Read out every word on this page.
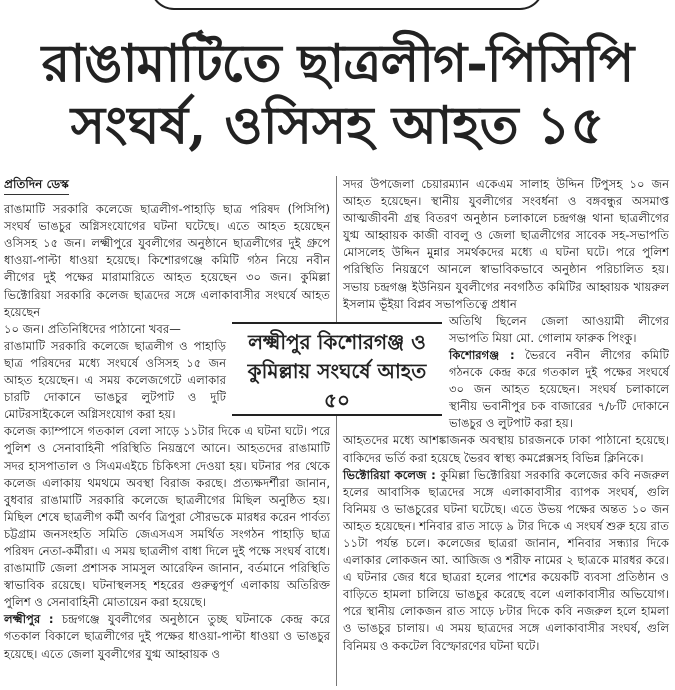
রাঙামাটিতে ছাত্রলীগ-পিসিপি
সংঘর্ষ, ওসিসহ আহত ১৫
প্রতিদিন ডেস্ক

রাঙামাটি সরকারি কলেজে ছাত্রলীগ-পাহাড়ি ছাত্র পরিষদ (পিসিপি) সংঘর্ষ ভাঙচুর অগ্নিসংযোগের ঘটনা ঘটেছে। এতে আহত হয়েছেন ওসিসহ ১৫ জন। লক্ষ্মীপুরে যুবলীগের অনুষ্ঠানে ছাত্রলীগের দুই গ্রুপে ধাওয়া-পাল্টা ধাওয়া হয়েছে। কিশোরগঞ্জে কমিটি গঠন নিয়ে নবীন লীগের দুই পক্ষের মারামারিতে আহত হয়েছেন ৩০ জন। কুমিল্লা ভিক্টোরিয়া সরকারি কলেজ ছাত্রদের সঙ্গে এলাকাবাসীর সংঘর্ষে আহত হয়েছেন

১০ জন। প্রতিনিধিদের পাঠানো খবর—

রাঙামাটি সরকারি কলেজে ছাত্রলীগ ও পাহাড়ি ছাত্র পরিষদের মধ্যে সংঘর্ষে ওসিসহ ১৫ জন আহত হয়েছেন। এ সময় কলেজগেটে এলাকার চারটি দোকানে ভাঙচুর লুটপাট ও দুটি মোটরসাইকেলে অগ্নিসংযোগ করা হয়।

কলেজ ক্যাম্পাসে গতকাল বেলা সাড়ে ১১টার দিকে এ ঘটনা ঘটে। পরে পুলিশ ও সেনাবাহিনী পরিস্থিতি নিয়ন্ত্রণে আনে। আহতদের রাঙামাটি সদর হাসপাতাল ও সিএমএইচে চিকিৎসা দেওয়া হয়। ঘটনার পর থেকে কলেজ এলাকায় থমথমে অবস্থা বিরাজ করছে। প্রত্যক্ষদর্শীরা জানান, বুধবার রাঙামাটি সরকারি কলেজে ছাত্রলীগের মিছিল অনুষ্ঠিত হয়। মিছিল শেষে ছাত্রলীগ কর্মী অর্ণব ত্রিপুরা সৌরভকে মারধর করেন পার্বত্য চট্টগ্রাম জনসংহতি সমিতি জেএসএস সমর্থিত সংগঠন পাহাড়ি ছাত্র পরিষদ নেতা-কর্মীরা। এ সময় ছাত্রলীগ বাধা দিলে দুই পক্ষে সংঘর্ষ বাধে। রাঙামাটি জেলা প্রশাসক সামসুল আরেফিন জানান, বর্তমানে পরিস্থিতি স্বাভাবিক রয়েছে। ঘটনাস্থলসহ শহরের গুরুত্বপূর্ণ এলাকায় অতিরিক্ত পুলিশ ও সেনাবাহিনী মোতায়েন করা হয়েছে।

লক্ষ্মীপুর : চন্দ্রগঞ্জে যুবলীগের অনুষ্ঠানে তুচ্ছ ঘটনাকে কেন্দ্র করে গতকাল বিকালে ছাত্রলীগের দুই পক্ষের ধাওয়া-পাল্টা ধাওয়া ও ভাঙচুর হয়েছে। এতে জেলা যুবলীগের যুগ্ম আহ্বায়ক ও

সদর উপজেলা চেয়ারম্যান একেএম সালাহ উদ্দিন টিপুসহ ১০ জন আহত হয়েছেন। স্থানীয় যুবলীগের সংবর্ধনা ও বঙ্গবন্ধুর অসমাপ্ত আত্মজীবনী গ্রন্থ বিতরণ অনুষ্ঠান চলাকালে চন্দ্রগঞ্জ থানা ছাত্রলীগের যুগ্ম আহ্বায়ক কাজী বাবলু ও জেলা ছাত্রলীগের সাবেক সহ-সভাপতি মোসলেহ উদ্দিন মুন্নার সমর্থকদের মধ্যে এ ঘটনা ঘটে। পরে পুলিশ পরিস্থিতি নিয়ন্ত্রণে আনলে স্বাভাবিকভাবে অনুষ্ঠান পরিচালিত হয়। সভায় চন্দ্রগঞ্জ ইউনিয়ন যুবলীগের নবগঠিত কমিটির আহ্বায়ক খায়রুল ইসলাম ভূঁইয়া বিপ্লব সভাপতিত্বে প্রধান

অতিথি ছিলেন জেলা আওয়ামী লীগের সভাপতি মিয়া মো. গোলাম ফারুক পিংকু।

কিশোরগঞ্জ : ভৈরবে নবীন লীগের কমিটি গঠনকে কেন্দ্র করে গতকাল দুই পক্ষের সংঘর্ষে ৩০ জন আহত হয়েছেন। সংঘর্ষ চলাকালে স্থানীয় ভবানীপুর চক বাজারের ৭/৮টি দোকানে ভাঙচুর ও লুটপাট করা হয়।

আহতদের মধ্যে আশঙ্কাজনক অবস্থায় চারজনকে ঢাকা পাঠানো হয়েছে। বাকিদের ভর্তি করা হয়েছে ভৈরব স্বাস্থ্য কমপ্লেক্সসহ বিভিন্ন ক্লিনিকে।

ভিক্টোরিয়া কলেজ : কুমিল্লা ভিক্টোরিয়া সরকারি কলেজের কবি নজরুল হলের আবাসিক ছাত্রদের সঙ্গে এলাকাবাসীর ব্যাপক সংঘর্ষ, গুলি বিনিময় ও ভাঙচুরের ঘটনা ঘটেছে। এতে উভয় পক্ষের অন্তত ১০ জন আহত হয়েছেন। শনিবার রাত সাড়ে ৯ টার দিকে এ সংঘর্ষ শুরু হয়ে রাত ১১টা পর্যন্ত চলে। কলেজের ছাত্ররা জানান, শনিবার সন্ধ্যার দিকে এলাকার লোকজন আ. আজিজ ও শরীফ নামের ২ ছাত্রকে মারধর করে। এ ঘটনার জের ধরে ছাত্ররা হলের পাশের কয়েকটি ব্যবসা প্রতিষ্ঠান ও বাড়িতে হামলা চালিয়ে ভাঙচুর করেছে বলে এলাকাবাসীর অভিযোগ। পরে স্থানীয় লোকজন রাত সাড়ে ৮টার দিকে কবি নজরুল হলে হামলা ও ভাঙচুর চালায়। এ সময় ছাত্রদের সঙ্গে এলাকাবাসীর সংঘর্ষ, গুলি বিনিময় ও ককটেল বিস্ফোরণের ঘটনা ঘটে।

লক্ষ্মীপুর কিশোরগঞ্জ ও কুমিল্লায় সংঘর্ষে আহত ৫০
